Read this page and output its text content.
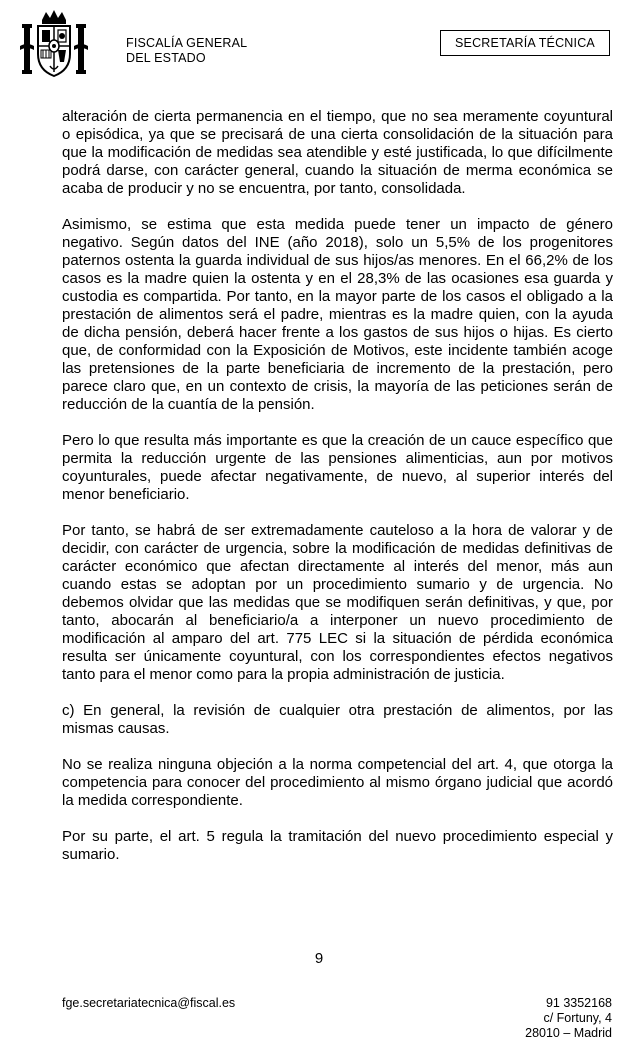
FISCALÍA GENERAL
DEL ESTADO
SECRETARÍA TÉCNICA

alteración de cierta permanencia en el tiempo, que no sea meramente coyuntural o episódica, ya que se precisará de una cierta consolidación de la situación para que la modificación de medidas sea atendible y esté justificada, lo que difícilmente podrá darse, con carácter general, cuando la situación de merma económica se acaba de producir y no se encuentra, por tanto, consolidada.

Asimismo, se estima que esta medida puede tener un impacto de género negativo. Según datos del INE (año 2018), solo un 5,5% de los progenitores paternos ostenta la guarda individual de sus hijos/as menores. En el 66,2% de los casos es la madre quien la ostenta y en el 28,3% de las ocasiones esa guarda y custodia es compartida. Por tanto, en la mayor parte de los casos el obligado a la prestación de alimentos será el padre, mientras es la madre quien, con la ayuda de dicha pensión, deberá hacer frente a los gastos de sus hijos o hijas. Es cierto que, de conformidad con la Exposición de Motivos, este incidente también acoge las pretensiones de la parte beneficiaria de incremento de la prestación, pero parece claro que, en un contexto de crisis, la mayoría de las peticiones serán de reducción de la cuantía de la pensión.

Pero lo que resulta más importante es que la creación de un cauce específico que permita la reducción urgente de las pensiones alimenticias, aun por motivos coyunturales, puede afectar negativamente, de nuevo, al superior interés del menor beneficiario.

Por tanto, se habrá de ser extremadamente cauteloso a la hora de valorar y de decidir, con carácter de urgencia, sobre la modificación de medidas definitivas de carácter económico que afectan directamente al interés del menor, más aun cuando estas se adoptan por un procedimiento sumario y de urgencia. No debemos olvidar que las medidas que se modifiquen serán definitivas, y que, por tanto, abocarán al beneficiario/a a interponer un nuevo procedimiento de modificación al amparo del art. 775 LEC si la situación de pérdida económica resulta ser únicamente coyuntural, con los correspondientes efectos negativos tanto para el menor como para la propia administración de justicia.

c) En general, la revisión de cualquier otra prestación de alimentos, por las mismas causas.

No se realiza ninguna objeción a la norma competencial del art. 4, que otorga la competencia para conocer del procedimiento al mismo órgano judicial que acordó la medida correspondiente.

Por su parte, el art. 5 regula la tramitación del nuevo procedimiento especial y sumario.

9
fge.secretariatecnica@fiscal.es	91 3352168
c/ Fortuny, 4
28010 – Madrid
